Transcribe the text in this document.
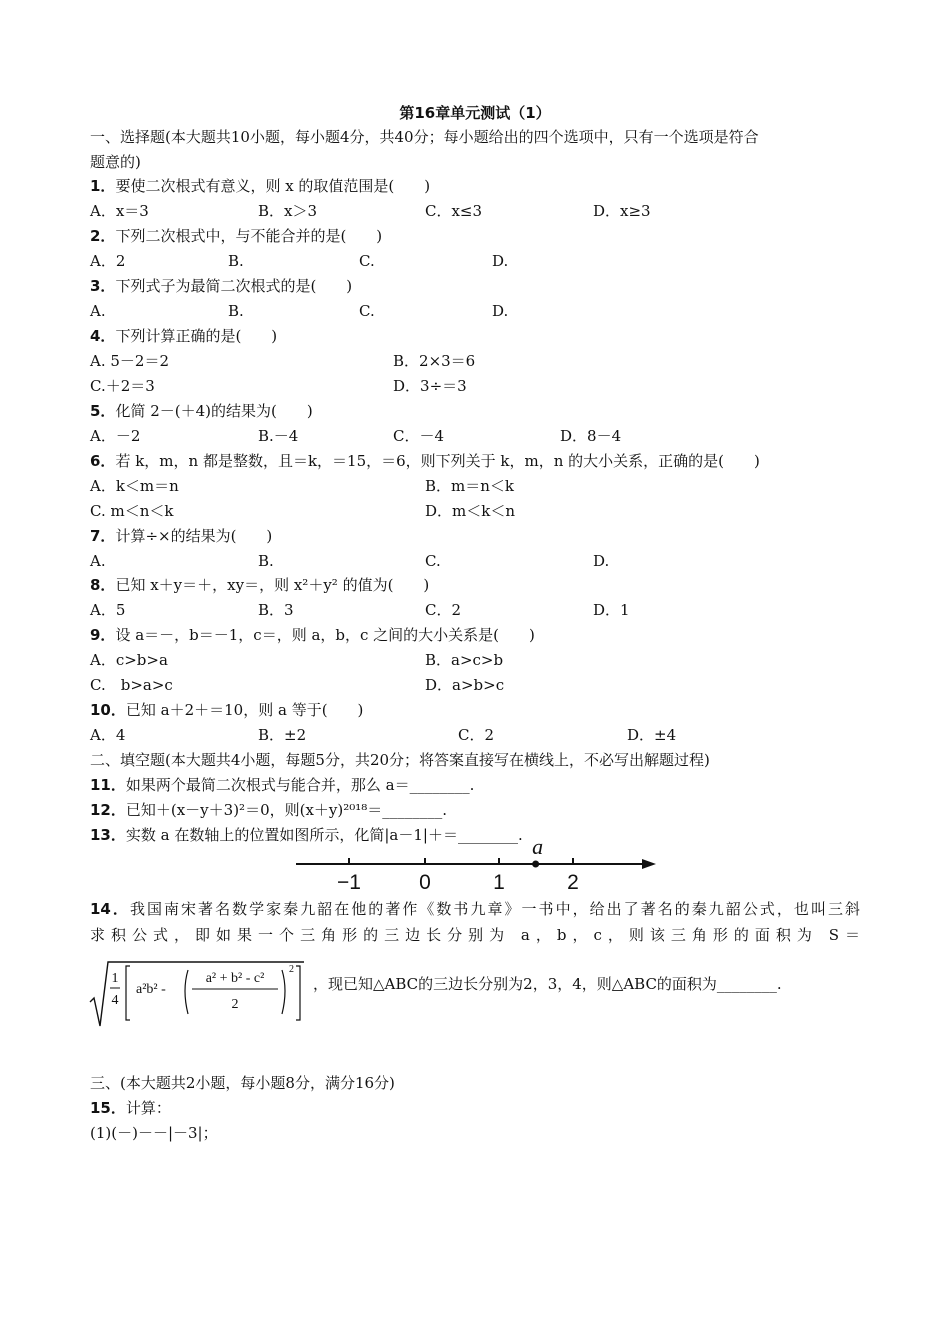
第16章单元测试（1）
一、选择题(本大题共10小题，每小题4分，共40分；每小题给出的四个选项中，只有一个选项是符合
题意的)
1．要使二次根式有意义，则 x 的取值范围是(　　)
A．x＝3	B．x＞3	C．x≤3	D．x≥3
2．下列二次根式中，与不能合并的是(　　)
A．2	B.	C.	D.
3．下列式子为最简二次根式的是(　　)
A.	B.	C.	D.
4．下列计算正确的是(　　)
A. 5－2＝2	B．2×3＝6
C.＋2＝3	D．3÷＝3
5．化简 2－(＋4)的结果为(　　)
A．－2	B.－4	C．－4	D．8－4
6．若 k，m，n 都是整数，且＝k，＝15，＝6，则下列关于 k，m，n 的大小关系，正确的是(　　)
A．k＜m＝n	B．m＝n＜k
C. m＜n＜k	D．m＜k＜n
7．计算÷×的结果为(　　)
A.	B.	C.	D.
8．已知 x＋y＝＋，xy＝，则 x²＋y² 的值为(　　)
A．5	B．3	C．2	D．1
9．设 a＝－，b＝－1，c＝，则 a，b，c 之间的大小关系是(　　)
A．c>b>a	B．a>c>b
C.　b>a>c	D．a>b>c
10．已知 a＋2＋＝10，则 a 等于(　　)
A．4	B．±2	C．2	D．±4
二、填空题(本大题共4小题，每题5分，共20分；将答案直接写在横线上，不必写出解题过程)
11．如果两个最简二次根式与能合并，那么 a＝________.
12．已知＋(x－y＋3)²＝0，则(x＋y)²⁰¹⁸＝________.
13．实数 a 在数轴上的位置如图所示，化简|a－1|＋＝________. a
−1	0	1	2
14．我国南宋著名数学家秦九韶在他的著作《数书九章》一书中，给出了著名的秦九韶公式，也叫三斜
求积公式，即如果一个三角形的三边长分别为 a，b，c，则该三角形的面积为 S＝
1
4
a²b² -
a² + b² - c²
2
2
，现已知△ABC的三边长分别为2，3，4，则△ABC的面积为________.
三、(本大题共2小题，每小题8分，满分16分)
15．计算：
(1)(－)－－|－3|；
